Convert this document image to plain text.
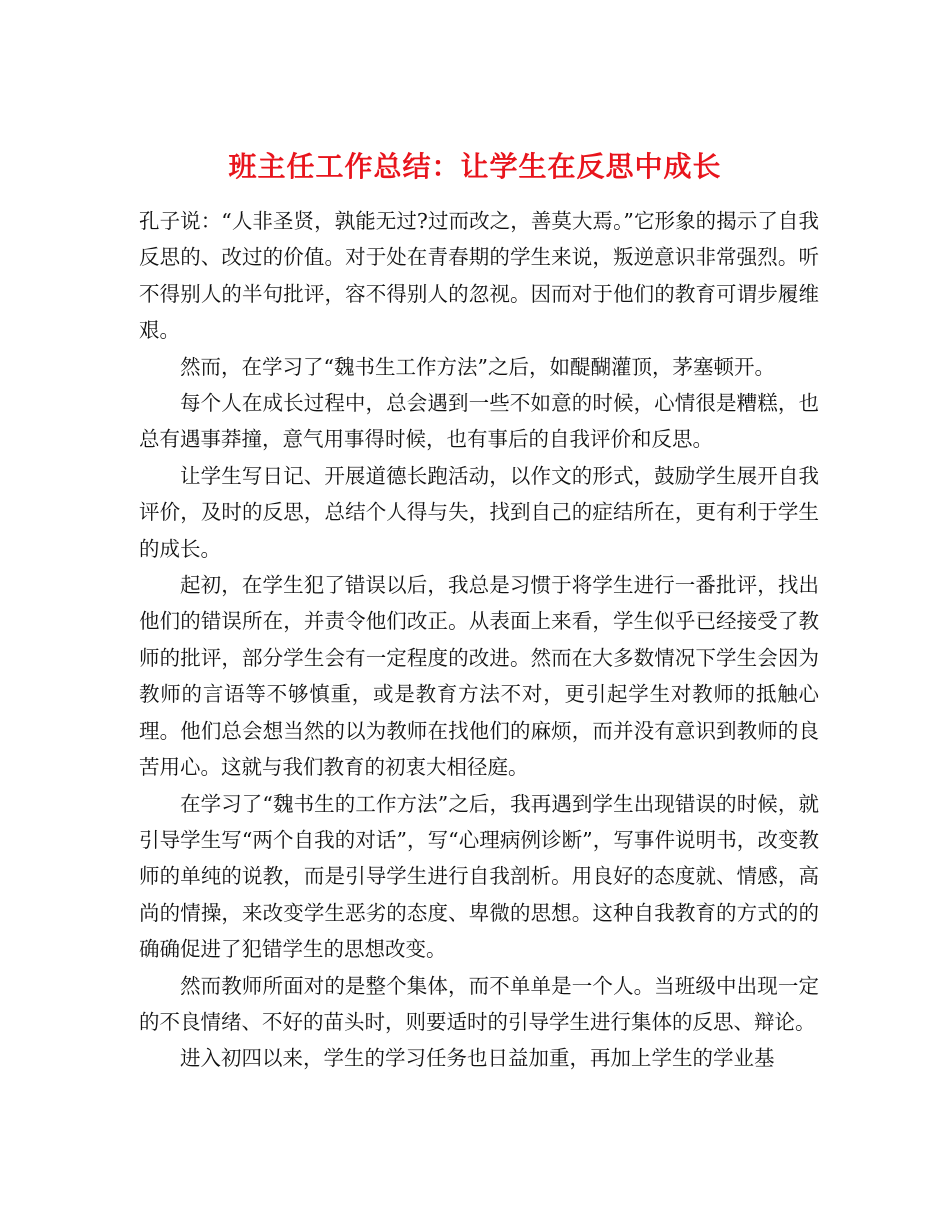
班主任工作总结：让学生在反思中成长

孔子说：“人非圣贤，孰能无过?过而改之，善莫大焉。”它形象的揭示了自我反思的、改过的价值。对于处在青春期的学生来说，叛逆意识非常强烈。听不得别人的半句批评，容不得别人的忽视。因而对于他们的教育可谓步履维艰。

然而，在学习了“魏书生工作方法”之后，如醍醐灌顶，茅塞顿开。

每个人在成长过程中，总会遇到一些不如意的时候，心情很是糟糕，也总有遇事莽撞，意气用事得时候，也有事后的自我评价和反思。

让学生写日记、开展道德长跑活动，以作文的形式，鼓励学生展开自我评价，及时的反思，总结个人得与失，找到自己的症结所在，更有利于学生的成长。

起初，在学生犯了错误以后，我总是习惯于将学生进行一番批评，找出他们的错误所在，并责令他们改正。从表面上来看，学生似乎已经接受了教师的批评，部分学生会有一定程度的改进。然而在大多数情况下学生会因为教师的言语等不够慎重，或是教育方法不对，更引起学生对教师的抵触心理。他们总会想当然的以为教师在找他们的麻烦，而并没有意识到教师的良苦用心。这就与我们教育的初衷大相径庭。

在学习了“魏书生的工作方法”之后，我再遇到学生出现错误的时候，就引导学生写“两个自我的对话”，写“心理病例诊断”，写事件说明书，改变教师的单纯的说教，而是引导学生进行自我剖析。用良好的态度就、情感，高尚的情操，来改变学生恶劣的态度、卑微的思想。这种自我教育的方式的的确确促进了犯错学生的思想改变。

然而教师所面对的是整个集体，而不单单是一个人。当班级中出现一定的不良情绪、不好的苗头时，则要适时的引导学生进行集体的反思、辩论。

进入初四以来，学生的学习任务也日益加重，再加上学生的学业基
